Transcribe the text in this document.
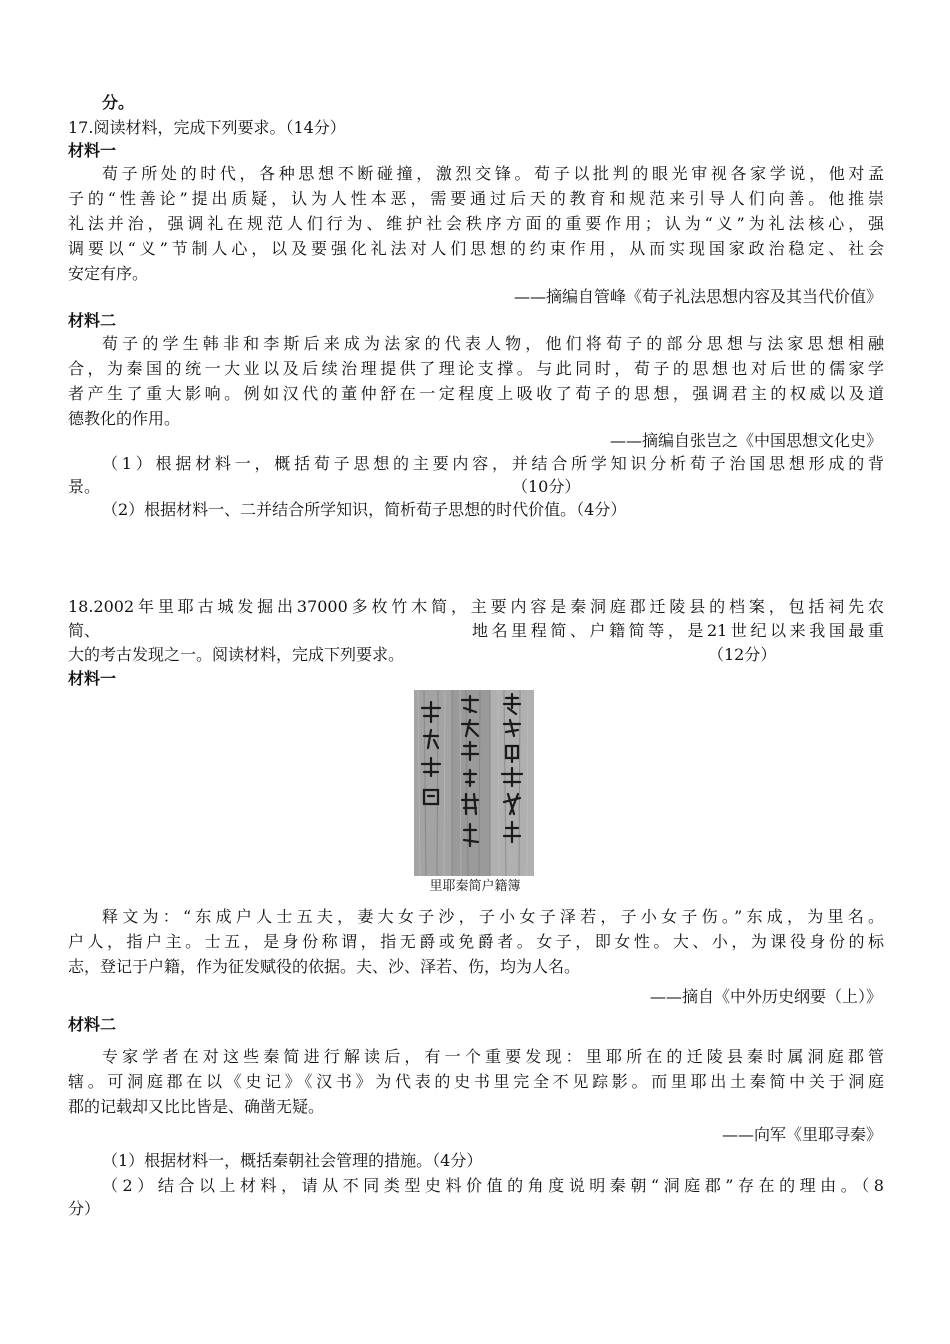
分。
17.阅读材料，完成下列要求。（14分）
材料一
荀子所处的时代，各种思想不断碰撞，激烈交锋。荀子以批判的眼光审视各家学说，他对孟
子的“性善论”提出质疑，认为人性本恶，需要通过后天的教育和规范来引导人们向善。他推崇
礼法并治，强调礼在规范人们行为、维护社会秩序方面的重要作用；认为“义”为礼法核心，强
调要以“义”节制人心，以及要强化礼法对人们思想的约束作用，从而实现国家政治稳定、社会
安定有序。
——摘编自管峰《荀子礼法思想内容及其当代价值》
材料二
荀子的学生韩非和李斯后来成为法家的代表人物，他们将荀子的部分思想与法家思想相融
合，为秦国的统一大业以及后续治理提供了理论支撑。与此同时，荀子的思想也对后世的儒家学
者产生了重大影响。例如汉代的董仲舒在一定程度上吸收了荀子的思想，强调君主的权威以及道
德教化的作用。
——摘编自张岂之《中国思想文化史》
（1）根据材料一，概括荀子思想的主要内容，并结合所学知识分析荀子治国思想形成的背
景。	（10分）
（2）根据材料一、二并结合所学知识，简析荀子思想的时代价值。（4分）
18.2002年里耶古城发掘出37000多枚竹木简，主要内容是秦洞庭郡迁陵县的档案，包括祠先农
简、	地名里程简、户籍简等，是21世纪以来我国最重
大的考古发现之一。阅读材料，完成下列要求。	（12分）
材料一
里耶秦简户籍簿
释文为：“东成户人士五夫，妻大女子沙，子小女子泽若，子小女子伤。”东成，为里名。
户人，指户主。士五，是身份称谓，指无爵或免爵者。女子，即女性。大、小，为课役身份的标
志，登记于户籍，作为征发赋役的依据。夫、沙、泽若、伤，均为人名。
——摘自《中外历史纲要（上）》
材料二
专家学者在对这些秦简进行解读后，有一个重要发现：里耶所在的迁陵县秦时属洞庭郡管
辖。可洞庭郡在以《史记》《汉书》为代表的史书里完全不见踪影。而里耶出土秦简中关于洞庭
郡的记载却又比比皆是、确凿无疑。
——向军《里耶寻秦》
（1）根据材料一，概括秦朝社会管理的措施。（4分）
（2）结合以上材料，请从不同类型史料价值的角度说明秦朝“洞庭郡”存在的理由。（8
分）
